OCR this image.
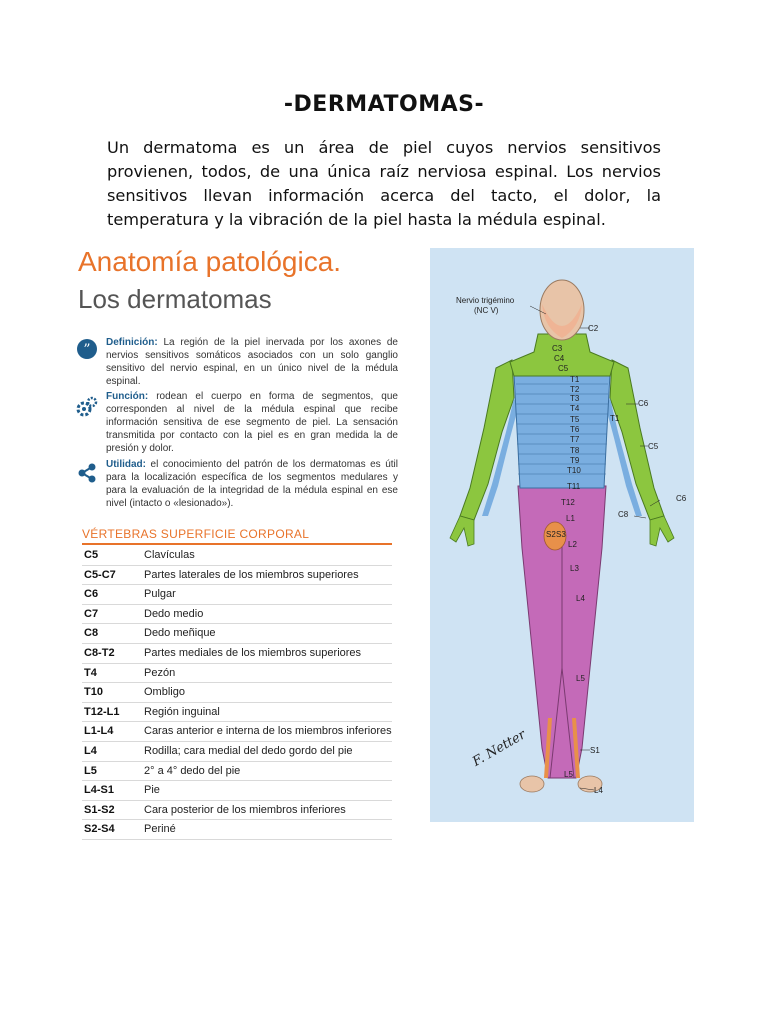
-DERMATOMAS-
Un dermatoma es un área de piel cuyos nervios sensitivos provienen, todos, de una única raíz nerviosa espinal. Los nervios sensitivos llevan información acerca del tacto, el dolor, la temperatura y la vibración de la piel hasta la médula espinal.
Anatomía patológica.
Los dermatomas
” Definición: La región de la piel inervada por los axones de nervios sensitivos somáticos asociados con un solo ganglio sensitivo del nervio espinal, en un único nivel de la médula espinal.
Función: rodean el cuerpo en forma de segmentos, que corresponden al nivel de la médula espinal que recibe información sensitiva de ese segmento de piel. La sensación transmitida por contacto con la piel es en gran medida la de presión y dolor.
Utilidad: el conocimiento del patrón de los dermatomas es útil para la localización específica de los segmentos medulares y para la evaluación de la integridad de la médula espinal en ese nivel (intacto o «lesionado»).
VÉRTEBRAS SUPERFICIE CORPORAL
C5	Clavículas
C5-C7	Partes laterales de los miembros superiores
C6	Pulgar
C7	Dedo medio
C8	Dedo meñique
C8-T2	Partes mediales de los miembros superiores
T4	Pezón
T10	Ombligo
T12-L1 Región inguinal
L1-L4	Caras anterior e interna de los miembros inferiores
L4	Rodilla; cara medial del dedo gordo del pie
L5	2° a 4° dedo del pie
L4-S1	Pie
S1-S2	Cara posterior de los miembros inferiores
S2-S4	Periné
Nervio trigémino
(NC V)
C2
C3
C4
C5
T1
T2
T3
T4
T5
T6
T7
T8
T9
T10
T11
T12
T1
C6
C5
C6
C8
L1
S2 S3
L2
L3
L4
L5
S1
L5
L4
F. Netter
